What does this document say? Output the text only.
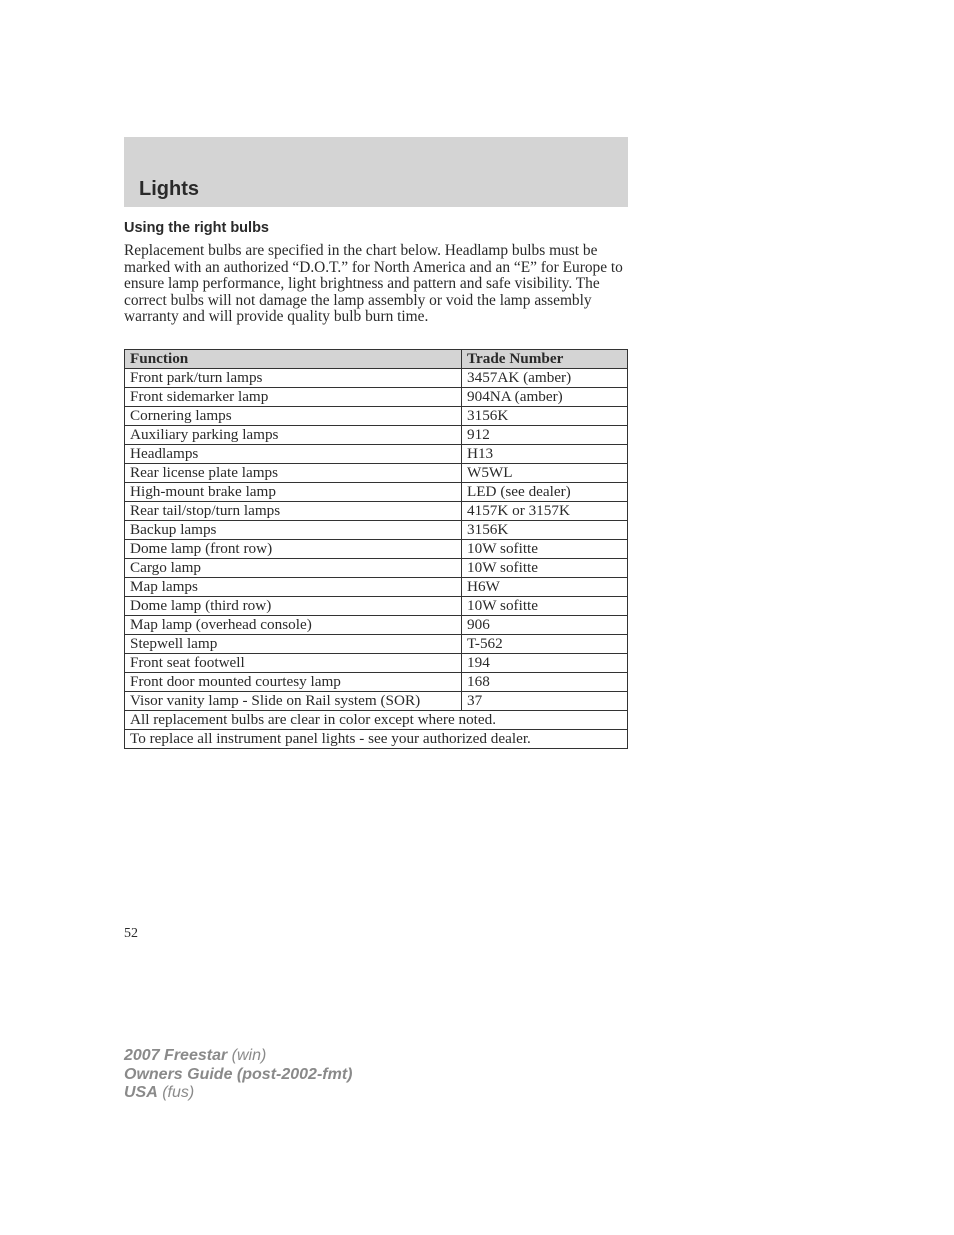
Lights
Using the right bulbs

Replacement bulbs are specified in the chart below. Headlamp bulbs must be marked with an authorized “D.O.T.” for North America and an “E” for Europe to ensure lamp performance, light brightness and pattern and safe visibility. The correct bulbs will not damage the lamp assembly or void the lamp assembly warranty and will provide quality bulb burn time.

Function	Trade Number
Front park/turn lamps	3457AK (amber)
Front sidemarker lamp	904NA (amber)
Cornering lamps	3156K
Auxiliary parking lamps	912
Headlamps	H13
Rear license plate lamps	W5WL
High-mount brake lamp	LED (see dealer)
Rear tail/stop/turn lamps	4157K or 3157K
Backup lamps	3156K
Dome lamp (front row)	10W sofitte
Cargo lamp	10W sofitte
Map lamps	H6W
Dome lamp (third row)	10W sofitte
Map lamp (overhead console)	906
Stepwell lamp	T-562
Front seat footwell	194
Front door mounted courtesy lamp	168
Visor vanity lamp - Slide on Rail system (SOR)	37
All replacement bulbs are clear in color except where noted.	
To replace all instrument panel lights - see your authorized dealer.	

52

2007 Freestar (win)
Owners Guide (post-2002-fmt)
USA (fus)
